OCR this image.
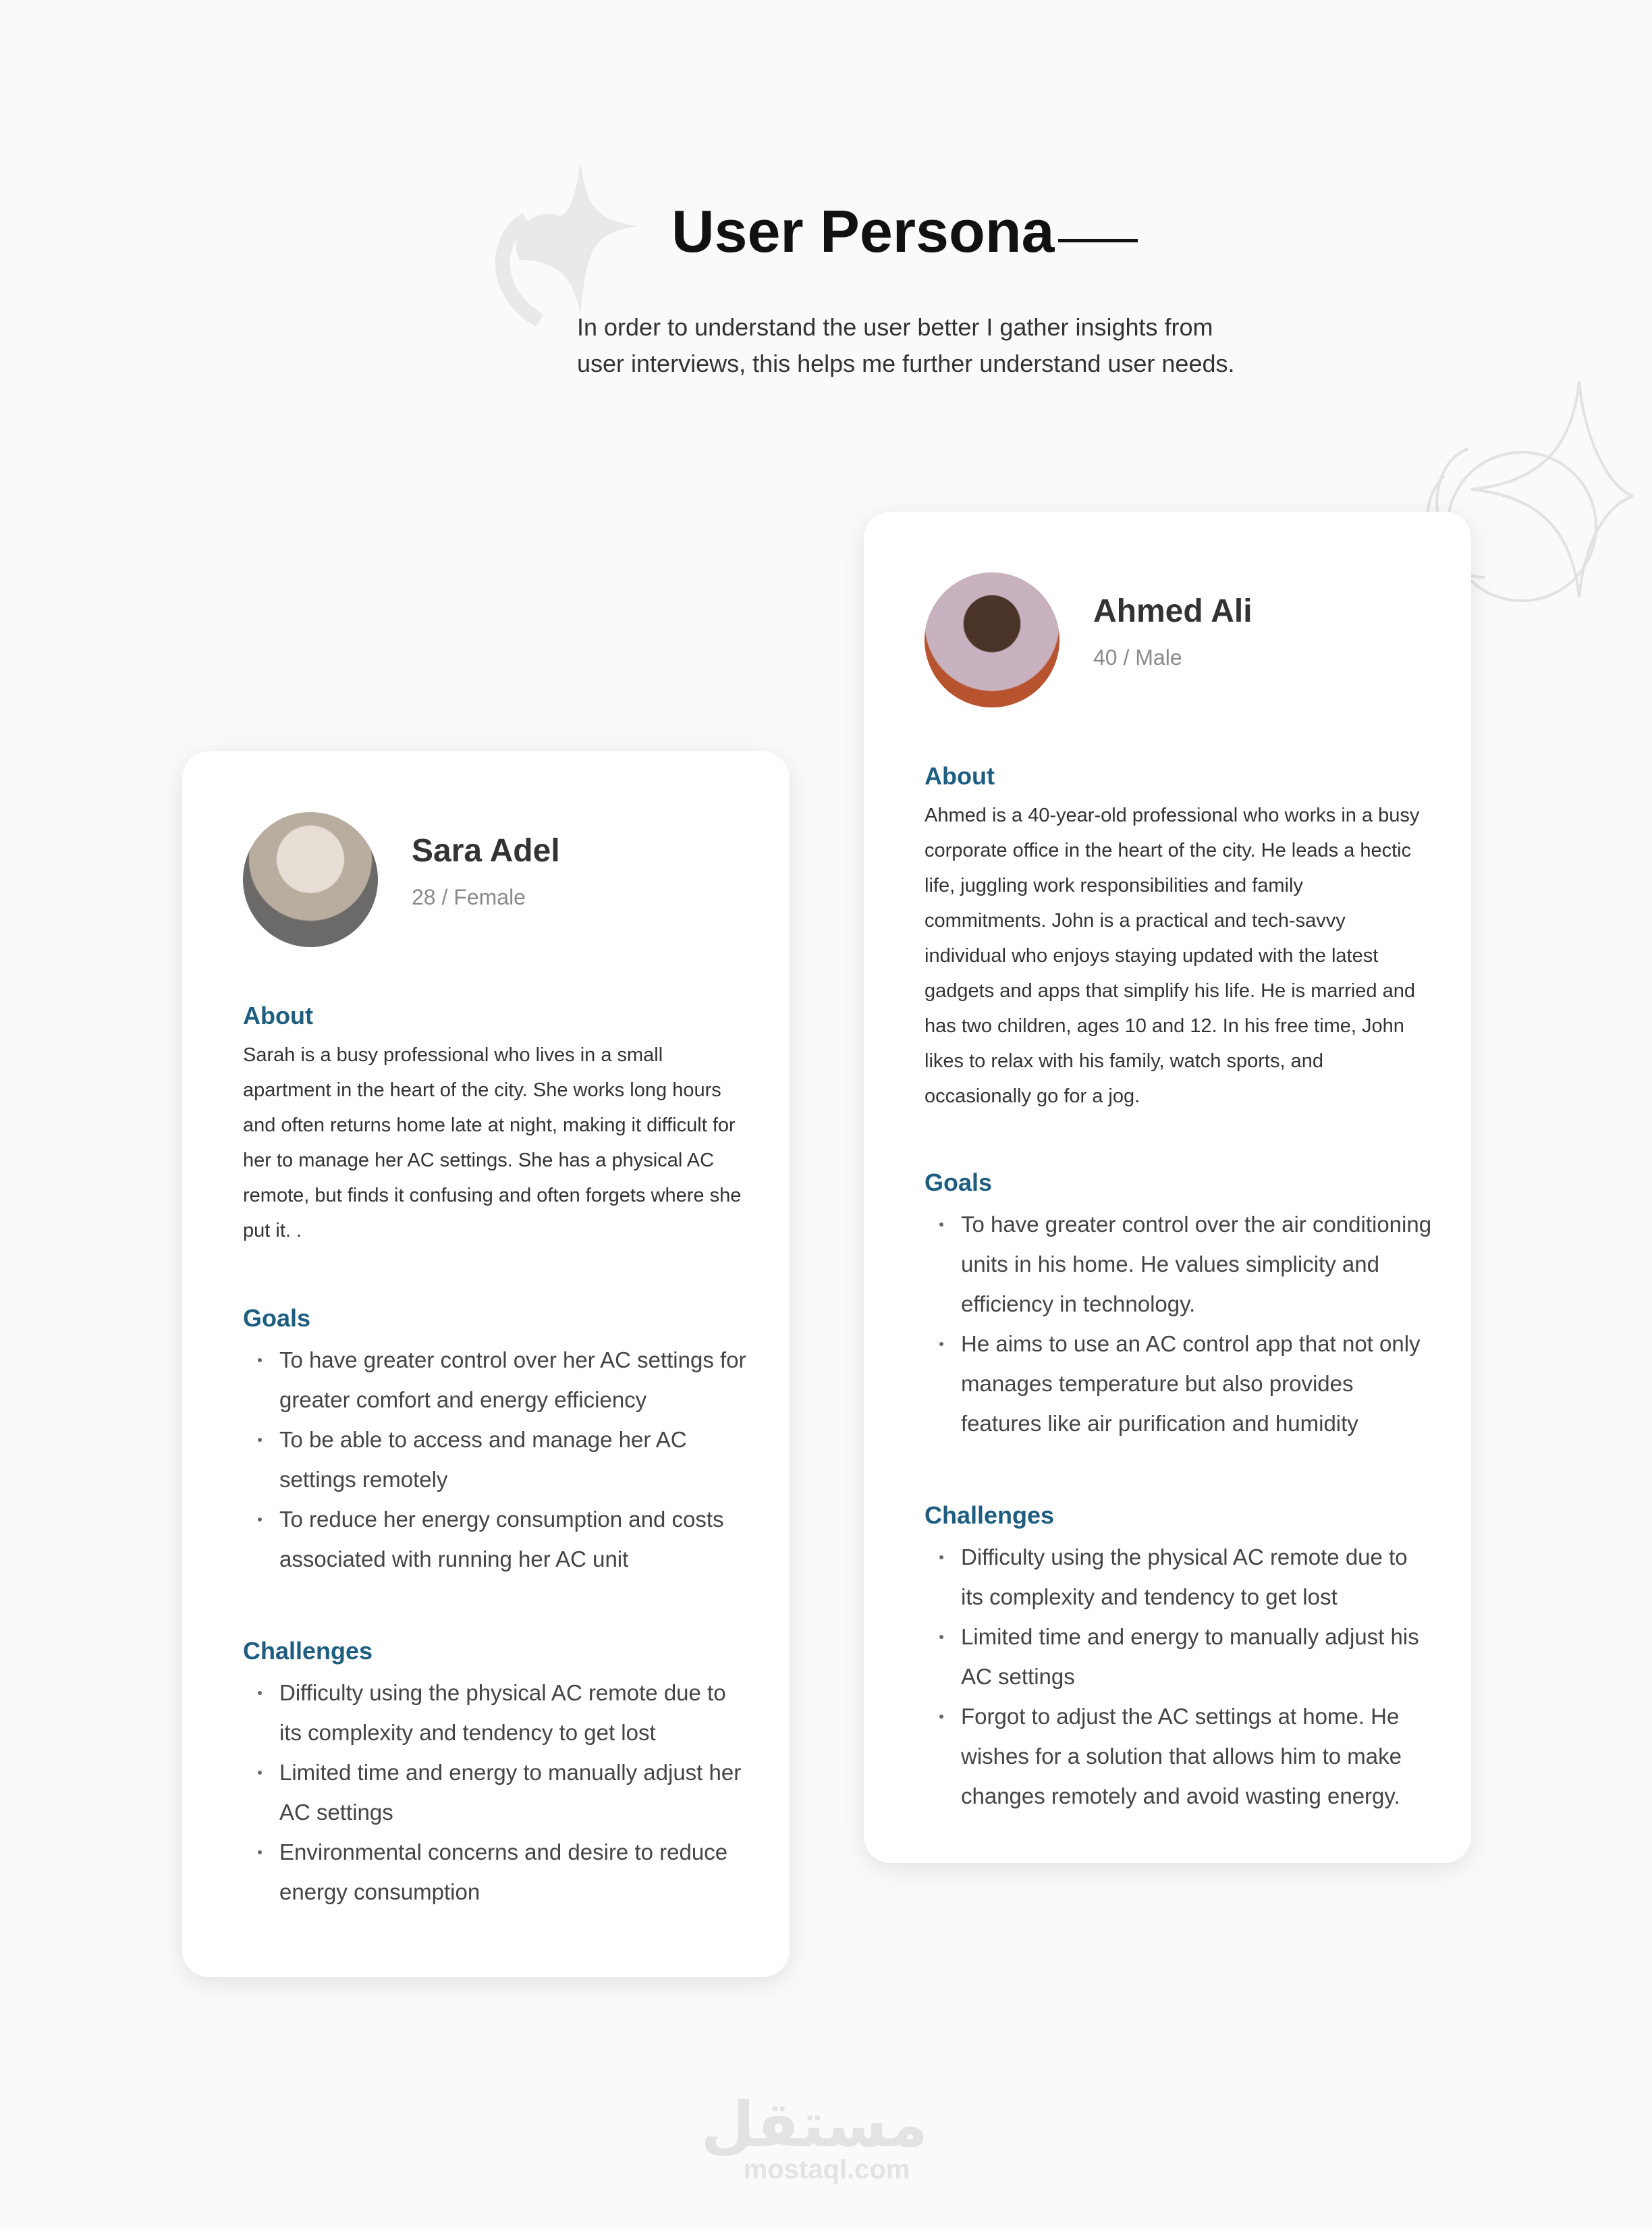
User Persona

In order to understand the user better I gather insights from user interviews, this helps me further understand user needs.

Sara Adel
28 / Female
About

Sarah is a busy professional who lives in a small apartment in the heart of the city. She works long hours and often returns home late at night, making it difficult for her to manage her AC settings. She has a physical AC remote, but finds it confusing and often forgets where she put it. .

Goals
To have greater control over her AC settings for greater comfort and energy efficiency
To be able to access and manage her AC settings remotely
To reduce her energy consumption and costs associated with running her AC unit
Challenges
Difficulty using the physical AC remote due to its complexity and tendency to get lost
Limited time and energy to manually adjust her AC settings
Environmental concerns and desire to reduce energy consumption
Ahmed Ali
40 / Male
About

Ahmed is a 40-year-old professional who works in a busy corporate office in the heart of the city. He leads a hectic life, juggling work responsibilities and family commitments. John is a practical and tech-savvy individual who enjoys staying updated with the latest gadgets and apps that simplify his life. He is married and has two children, ages 10 and 12. In his free time, John likes to relax with his family, watch sports, and occasionally go for a jog.

Goals
To have greater control over the air conditioning units in his home. He values simplicity and efficiency in technology.
He aims to use an AC control app that not only manages temperature but also provides features like air purification and humidity
Challenges
Difficulty using the physical AC remote due to its complexity and tendency to get lost
Limited time and energy to manually adjust his AC settings
Forgot to adjust the AC settings at home. He wishes for a solution that allows him to make changes remotely and avoid wasting energy.
مستقل
mostaql.com
